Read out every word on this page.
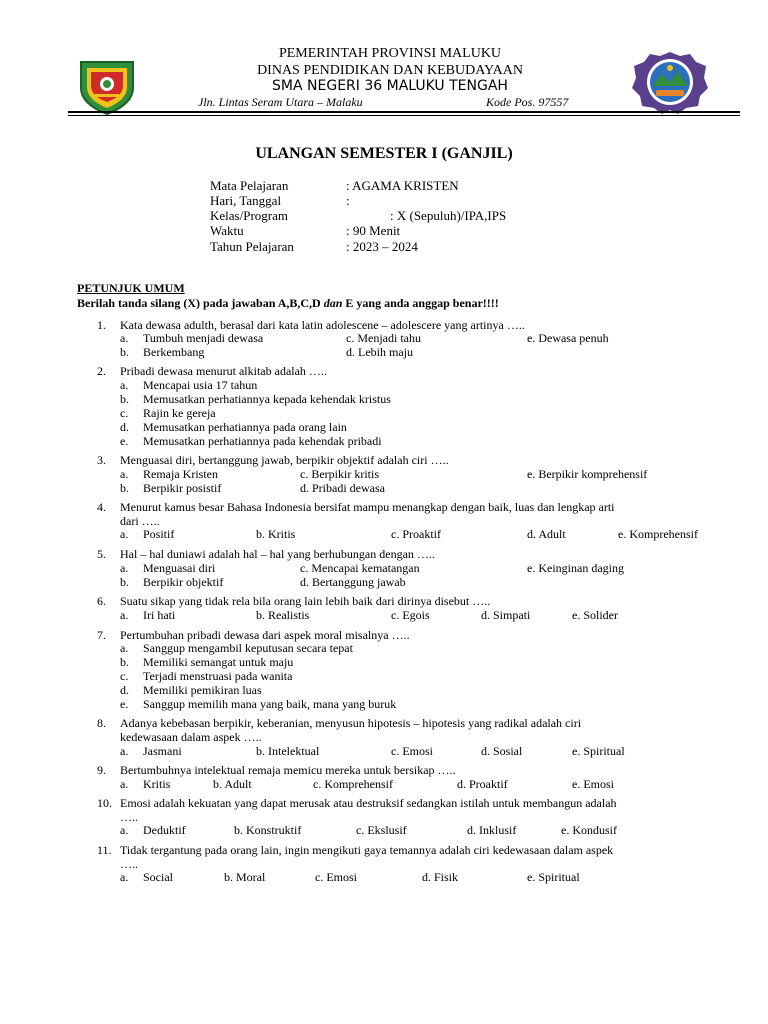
PEMERINTAH PROVINSI MALUKU
DINAS PENDIDIKAN DAN KEBUDAYAAN
SMA NEGERI 36 MALUKU TENGAH
Jln. Lintas Seram Utara – Malaku	Kode Pos. 97557
ULANGAN SEMESTER I (GANJIL)
Mata Pelajaran	: AGAMA KRISTEN
Hari, Tanggal	:
Kelas/Program	: X (Sepuluh)/IPA,IPS
Waktu	: 90 Menit
Tahun Pelajaran	: 2023 – 2024
PETUNJUK UMUM
Berilah tanda silang (X) pada jawaban A,B,C,D dan E yang anda anggap benar!!!!
1. Kata dewasa adulth, berasal dari kata latin adolescene – adolescere yang artinya …..
a. Tumbuh menjadi dewasa	c. Menjadi tahu	e. Dewasa penuh
b. Berkembang	d. Lebih maju
2. Pribadi dewasa menurut alkitab adalah …..
a. Mencapai usia 17 tahun
b. Memusatkan perhatiannya kepada kehendak kristus
c. Rajin ke gereja
d. Memusatkan perhatiannya pada orang lain
e. Memusatkan perhatiannya pada kehendak pribadi
3. Menguasai diri, bertanggung jawab, berpikir objektif adalah ciri …..
a. Remaja Kristen	c. Berpikir kritis	e. Berpikir komprehensif
b. Berpikir posistif	d. Pribadi dewasa
4. Menurut kamus besar Bahasa Indonesia bersifat mampu menangkap dengan baik, luas dan lengkap arti
dari …..
a. Positif	b. Kritis	c. Proaktif	d. Adult	e. Komprehensif
5. Hal – hal duniawi adalah hal – hal yang berhubungan dengan …..
a. Menguasai diri	c. Mencapai kematangan	e. Keinginan daging
b. Berpikir objektif	d. Bertanggung jawab
6. Suatu sikap yang tidak rela bila orang lain lebih baik dari dirinya disebut …..
a. Iri hati	b. Realistis	c. Egois	d. Simpati	e. Solider
7. Pertumbuhan pribadi dewasa dari aspek moral misalnya …..
a. Sanggup mengambil keputusan secara tepat
b. Memiliki semangat untuk maju
c. Terjadi menstruasi pada wanita
d. Memiliki pemikiran luas
e. Sanggup memilih mana yang baik, mana yang buruk
8. Adanya kebebasan berpikir, keberanian, menyusun hipotesis – hipotesis yang radikal adalah ciri
kedewasaan dalam aspek …..
a. Jasmani	b. Intelektual	c. Emosi	d. Sosial	e. Spiritual
9. Bertumbuhnya intelektual remaja memicu mereka untuk bersikap …..
a. Kritis	b. Adult	c. Komprehensif	d. Proaktif	e. Emosi
10. Emosi adalah kekuatan yang dapat merusak atau destruksif sedangkan istilah untuk membangun adalah
…..
a. Deduktif	b. Konstruktif	c. Ekslusif	d. Inklusif	e. Kondusif
11. Tidak tergantung pada orang lain, ingin mengikuti gaya temannya adalah ciri kedewasaan dalam aspek
…..
a. Social	b. Moral	c. Emosi	d. Fisik	e. Spiritual
